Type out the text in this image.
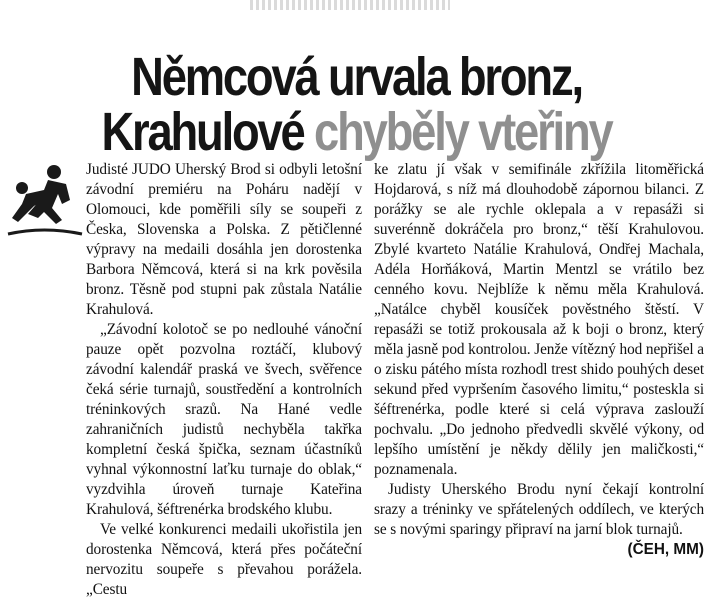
Němcová urvala bronz,
Krahulové chyběly vteřiny

Judisté JUDO Uherský Brod si odbyli letošní závodní premiéru na Poháru nadějí v Olomouci, kde poměřili síly se soupeři z Česka, Slovenska a Polska. Z pětičlenné výpravy na medaili dosáhla jen dorostenka Barbora Němcová, která si na krk pověsila bronz. Těsně pod stupni pak zůstala Natálie Krahulová.

„Závodní kolotoč se po nedlouhé vánoční pauze opět pozvolna roztáčí, klubový závodní kalendář praská ve švech, svěřence čeká série turnajů, soustředění a kontrolních tréninkových srazů. Na Hané vedle zahraničních judistů nechyběla takřka kompletní česká špička, seznam účastníků vyhnal výkonnostní laťku turnaje do oblak,“ vyzdvihla úroveň turnaje Kateřina Krahulová, šéftrenérka brodského klubu.

Ve velké konkurenci medaili ukořistila jen dorostenka Němcová, která přes počáteční nervozitu soupeře s převahou porážela. „Cestu

ke zlatu jí však v semifinále zkřížila litoměřická Hojdarová, s níž má dlouhodobě zápornou bilanci. Z porážky se ale rychle oklepala a v repasáži si suverénně dokráčela pro bronz,“ těší Krahulovou. Zbylé kvarteto Natálie Krahulová, Ondřej Machala, Adéla Horňáková, Martin Mentzl se vrátilo bez cenného kovu. Nejblíže k němu měla Krahulová. „Natálce chyběl kousíček pověstného štěstí. V repasáži se totiž prokousala až k boji o bronz, který měla jasně pod kontrolou. Jenže vítězný hod nepřišel a o zisku pátého místa rozhodl trest shido pouhých deset sekund před vypršením časového limitu,“ posteskla si šéftrenérka, podle které si celá výprava zaslouží pochvalu. „Do jednoho předvedli skvělé výkony, od lepšího umístění je někdy dělily jen maličkosti,“ poznamenala.

Judisty Uherského Brodu nyní čekají kontrolní srazy a tréninky ve spřátelených oddílech, ve kterých se s novými sparingy připraví na jarní blok turnajů.
(ČEH, MM)
